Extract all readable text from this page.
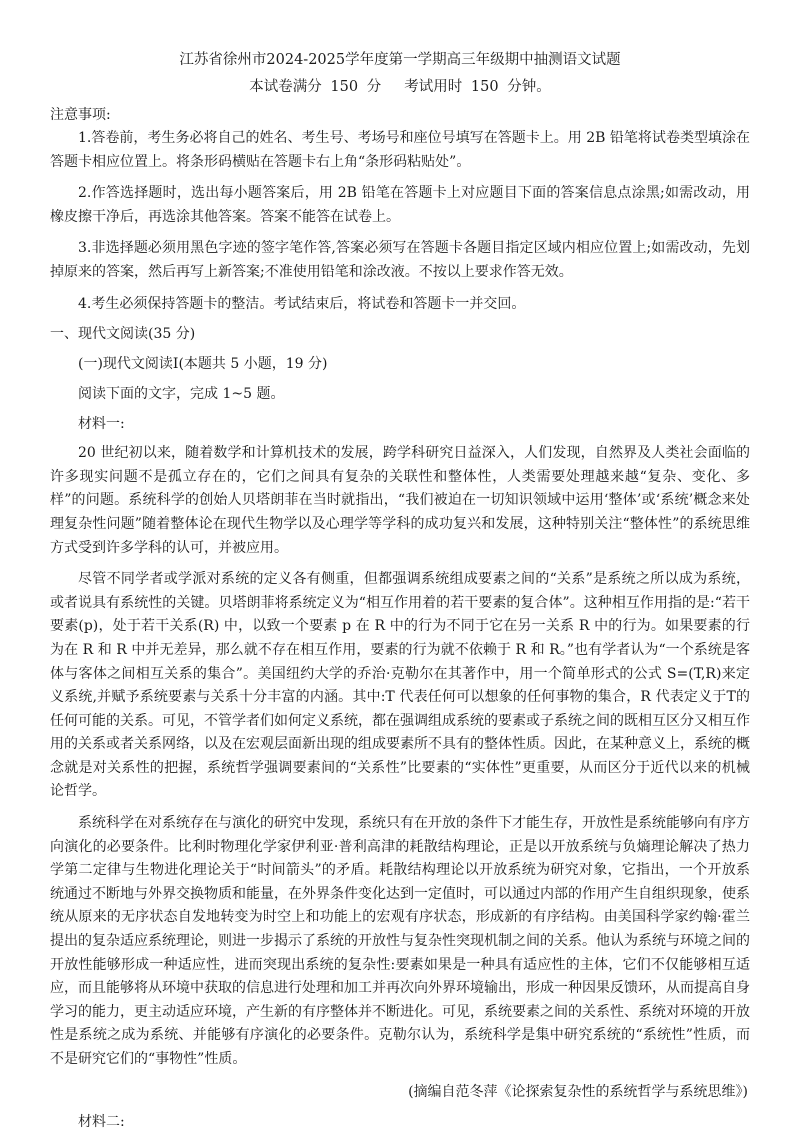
江苏省徐州市2024-2025学年度第一学期高三年级期中抽测语文试题

本试卷满分 150 分　 考试用时 150 分钟。

注意事项:

1.答卷前，考生务必将自己的姓名、考生号、考场号和座位号填写在答题卡上。用 2B 铅笔将试卷类型填涂在答题卡相应位置上。将条形码横贴在答题卡右上角“条形码粘贴处”。

2.作答选择题时，选出每小题答案后，用 2B 铅笔在答题卡上对应题目下面的答案信息点涂黑;如需改动，用橡皮擦干净后，再选涂其他答案。答案不能答在试卷上。

3.非选择题必须用黑色字迹的签字笔作答,答案必须写在答题卡各题目指定区域内相应位置上;如需改动，先划掉原来的答案，然后再写上新答案;不准使用铅笔和涂改液。不按以上要求作答无效。

4.考生必须保持答题卡的整洁。考试结束后，将试卷和答题卡一并交回。

一、现代文阅读(35 分)

(一)现代文阅读Ⅰ(本题共 5 小题，19 分)

阅读下面的文字，完成 1~5 题。

材料一:

20 世纪初以来，随着数学和计算机技术的发展，跨学科研究日益深入，人们发现，自然界及人类社会面临的许多现实问题不是孤立存在的，它们之间具有复杂的关联性和整体性，人类需要处理越来越“复杂、变化、多样”的问题。系统科学的创始人贝塔朗菲在当时就指出，“我们被迫在一切知识领域中运用‘整体’或‘系统’概念来处理复杂性问题”随着整体论在现代生物学以及心理学等学科的成功复兴和发展，这种特别关注“整体性”的系统思维方式受到许多学科的认可，并被应用。

尽管不同学者或学派对系统的定义各有侧重，但都强调系统组成要素之间的“关系”是系统之所以成为系统，或者说具有系统性的关键。贝塔朗菲将系统定义为“相互作用着的若干要素的复合体”。这种相互作用指的是:“若干要素(p)，处于若干关系(R) 中，以致一个要素 p 在 R 中的行为不同于它在另一关系 R 中的行为。如果要素的行为在 R 和 R 中并无差异，那么就不存在相互作用，要素的行为就不依赖于 R 和 R。”也有学者认为“一个系统是客体与客体之间相互关系的集合”。美国纽约大学的乔治·克勒尔在其著作中，用一个简单形式的公式 S=(T,R)来定义系统,并赋予系统要素与关系十分丰富的内涵。其中:T 代表任何可以想象的任何事物的集合，R 代表定义于T的任何可能的关系。可见，不管学者们如何定义系统，都在强调组成系统的要素或子系统之间的既相互区分又相互作用的关系或者关系网络，以及在宏观层面新出现的组成要素所不具有的整体性质。因此，在某种意义上，系统的概念就是对关系性的把握，系统哲学强调要素间的“关系性”比要素的“实体性”更重要，从而区分于近代以来的机械论哲学。

系统科学在对系统存在与演化的研究中发现，系统只有在开放的条件下才能生存，开放性是系统能够向有序方向演化的必要条件。比利时物理化学家伊利亚·普利高津的耗散结构理论，正是以开放系统与负熵理论解决了热力学第二定律与生物进化理论关于“时间箭头”的矛盾。耗散结构理论以开放系统为研究对象，它指出，一个开放系统通过不断地与外界交换物质和能量，在外界条件变化达到一定值时，可以通过内部的作用产生自组织现象，使系统从原来的无序状态自发地转变为时空上和功能上的宏观有序状态，形成新的有序结构。由美国科学家约翰·霍兰提出的复杂适应系统理论，则进一步揭示了系统的开放性与复杂性突现机制之间的关系。他认为系统与环境之间的开放性能够形成一种适应性，进而突现出系统的复杂性:要素如果是一种具有适应性的主体，它们不仅能够相互适应，而且能够将从环境中获取的信息进行处理和加工并再次向外界环境输出，形成一种因果反馈环，从而提高自身学习的能力，更主动适应环境，产生新的有序整体并不断进化。可见，系统要素之间的关系性、系统对环境的开放性是系统之成为系统、并能够有序演化的必要条件。克勒尔认为，系统科学是集中研究系统的“系统性”性质，而不是研究它们的“事物性”性质。

(摘编自范冬萍《论探索复杂性的系统哲学与系统思维》)

材料二:
